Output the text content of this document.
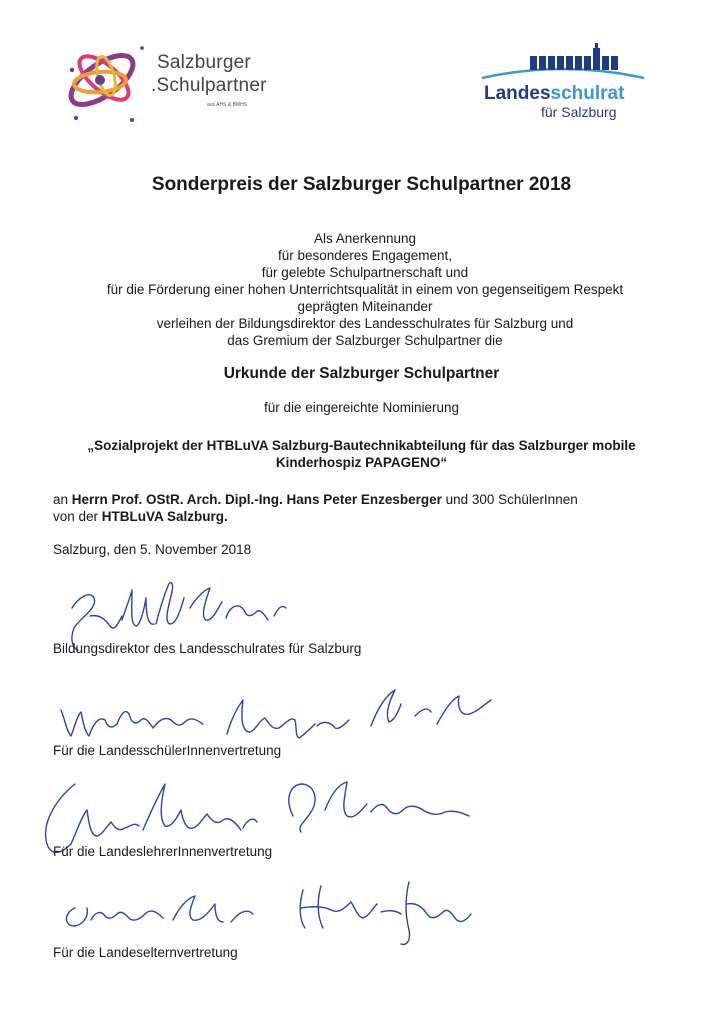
Salzburger
.Schulpartner
aus AHS & BMHS
Landesschulrat
für Salzburg
Sonderpreis der Salzburger Schulpartner 2018
Als Anerkennung
für besonderes Engagement,
für gelebte Schulpartnerschaft und
für die Förderung einer hohen Unterrichtsqualität in einem von gegenseitigem Respekt
geprägten Miteinander
verleihen der Bildungsdirektor des Landesschulrates für Salzburg und
das Gremium der Salzburger Schulpartner die
Urkunde der Salzburger Schulpartner
für die eingereichte Nominierung
„Sozialprojekt der HTBLuVA Salzburg-Bautechnikabteilung für das Salzburger mobile
Kinderhospiz PAPAGENO“
an Herrn Prof. OStR. Arch. Dipl.-Ing. Hans Peter Enzesberger und 300 SchülerInnen
von der HTBLuVA Salzburg.
Salzburg, den 5. November 2018
Bildungsdirektor des Landesschulrates für Salzburg
Für die LandesschülerInnenvertretung
Für die LandeslehrerInnenvertretung
Für die Landeselternvertretung
